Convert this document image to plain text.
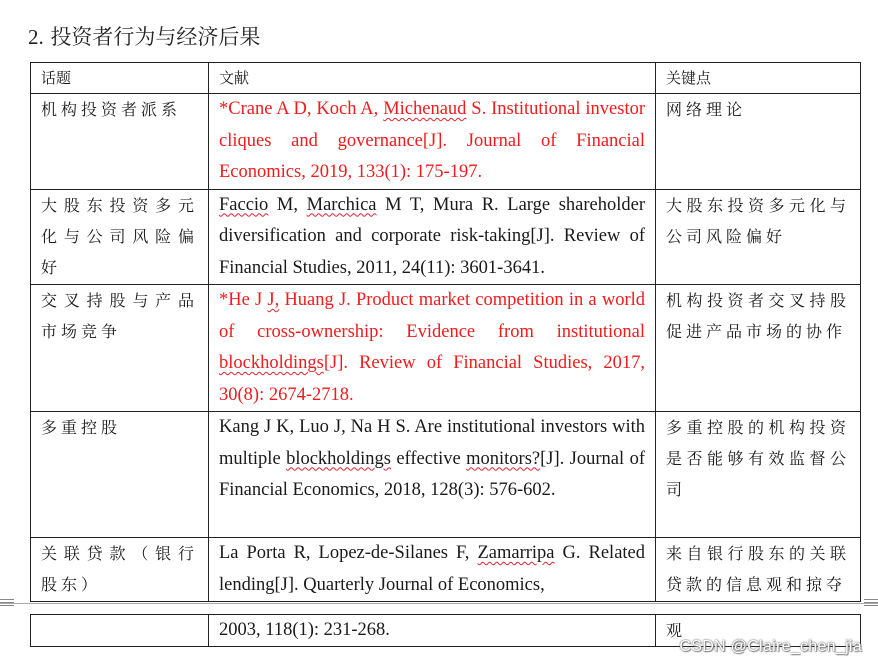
2. 投资者行为与经济后果
话题	文献	关键点
机构投资者派系	*Crane A D, Koch A, Michenaud S. Institutional investor cliques and governance[J]. Journal of Financial Economics, 2019, 133(1): 175-197.	网络理论
大股东投资多元化与公司风险偏好	Faccio M, Marchica M T, Mura R. Large shareholder diversification and corporate risk-taking[J]. Review of Financial Studies, 2011, 24(11): 3601-3641.	大股东投资多元化与公司风险偏好
交叉持股与产品市场竞争	*He J J, Huang J. Product market competition in a world of cross-ownership: Evidence from institutional blockholdings[J]. Review of Financial Studies, 2017, 30(8): 2674-2718.	机构投资者交叉持股促进产品市场的协作
多重控股	Kang J K, Luo J, Na H S. Are institutional investors with multiple blockholdings effective monitors?[J]. Journal of Financial Economics, 2018, 128(3): 576-602.	多重控股的机构投资是否能够有效监督公司
关联贷款（银行股东）	La Porta R, Lopez-de-Silanes F, Zamarripa G. Related lending[J]. Quarterly Journal of Economics,	来自银行股东的关联贷款的信息观和掠夺
	2003, 118(1): 231-268.	观
CSDN @Claire_chen_jia
